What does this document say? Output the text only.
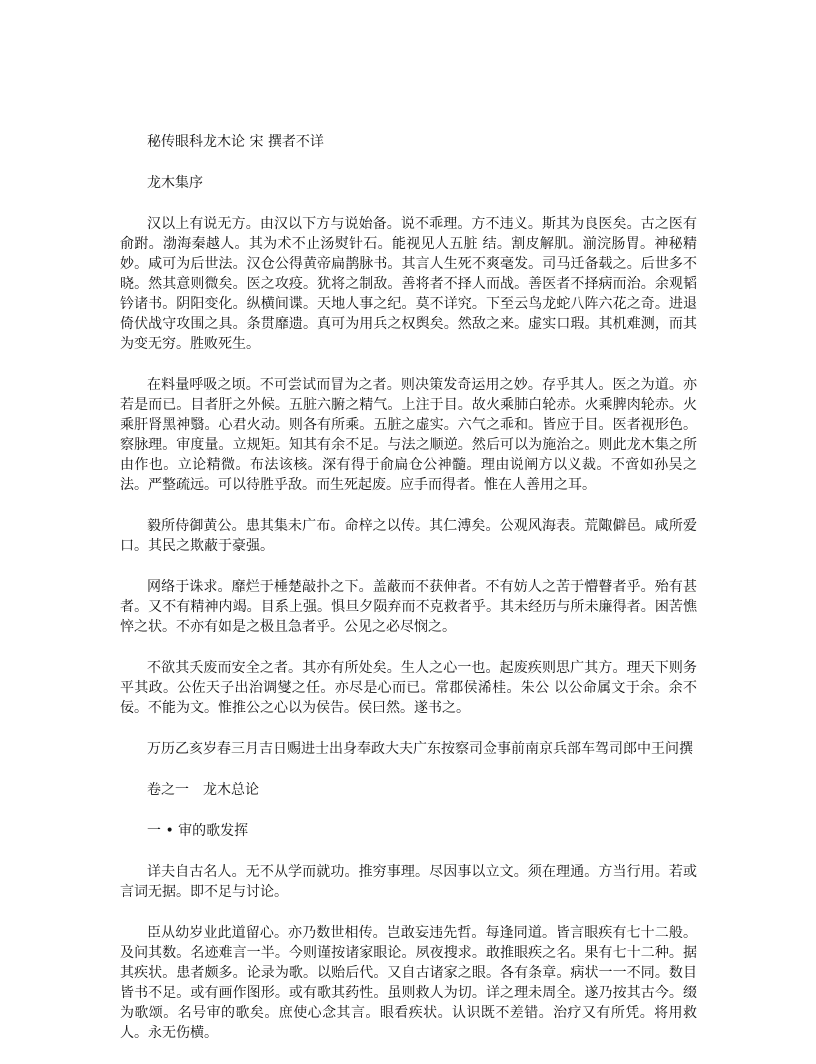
秘传眼科龙木论 宋 撰者不详
龙木集序

汉以上有说无方。由汉以下方与说始备。说不乖理。方不违义。斯其为良医矣。古之医有俞跗。渤海秦越人。其为术不止汤熨针石。能视见人五脏 结。割皮解肌。湔浣肠胃。神秘精妙。咸可为后世法。汉仓公得黄帝扁鹊脉书。其言人生死不爽毫发。司马迁备载之。后世多不晓。然其意则微矣。医之攻疫。犹将之制敌。善将者不择人而战。善医者不择病而治。余观韬钤诸书。阴阳变化。纵横间谍。天地人事之纪。莫不详究。下至云鸟龙蛇八阵六花之奇。进退倚伏战守攻围之具。条贯靡遗。真可为用兵之权舆矣。然敌之来。虚实口瑕。其机难测，而其为变无穷。胜败死生。

在料量呼吸之顷。不可尝试而冒为之者。则决策发奇运用之妙。存乎其人。医之为道。亦若是而已。目者肝之外候。五脏六腑之精气。上注于目。故火乘肺白轮赤。火乘脾肉轮赤。火乘肝肾黑神翳。心君火动。则各有所乘。五脏之虚实。六气之乖和。皆应于目。医者视形色。察脉理。审度量。立规矩。知其有余不足。与法之顺逆。然后可以为施治之。则此龙木集之所由作也。立论精微。布法该核。深有得于俞扁仓公神髓。理由说阐方以义裁。不啻如孙吴之法。严整疏远。可以待胜乎敌。而生死起废。应手而得者。惟在人善用之耳。

毅所侍御黄公。患其集未广布。命梓之以传。其仁溥矣。公观风海表。荒陬僻邑。咸所爱口。其民之欺蔽于豪强。

网络于诛求。靡烂于棰楚敲扑之下。盖蔽而不获伸者。不有妨人之苦于懵瞽者乎。殆有甚者。又不有精神内竭。目系上强。惧旦夕陨弃而不克救者乎。其未经历与所未廉得者。困苦憔悴之状。不亦有如是之极且急者乎。公见之必尽悯之。

不欲其夭废而安全之者。其亦有所处矣。生人之心一也。起废疾则思广其方。理天下则务平其政。公佐天子出治调燮之任。亦尽是心而已。常郡侯浠桂。朱公 以公命属文于余。余不佞。不能为文。惟推公之心以为侯告。侯曰然。遂书之。

万历乙亥岁春三月吉日赐进士出身奉政大夫广东按察司佥事前南京兵部车驾司郎中王问撰

卷之一　龙木总论
一 • 审的歌发挥

详夫自古名人。无不从学而就功。推穷事理。尽因事以立文。须在理通。方当行用。若或言词无据。即不足与讨论。

臣从幼岁业此道留心。亦乃数世相传。岂敢妄违先哲。每逢同道。皆言眼疾有七十二般。及问其数。名迹难言一半。今则谨按诸家眼论。夙夜搜求。敢推眼疾之名。果有七十二种。据其疾状。患者颇多。论录为歌。以贻后代。又自古诸家之眼。各有条章。病状一一不同。数目皆书不足。或有画作图形。或有歌其药性。虽则救人为切。详之理未周全。遂乃按其古今。缀为歌颂。名号审的歌矣。庶使心念其言。眼看疾状。认识既不差错。治疗又有所凭。将用救人。永无伤横。
